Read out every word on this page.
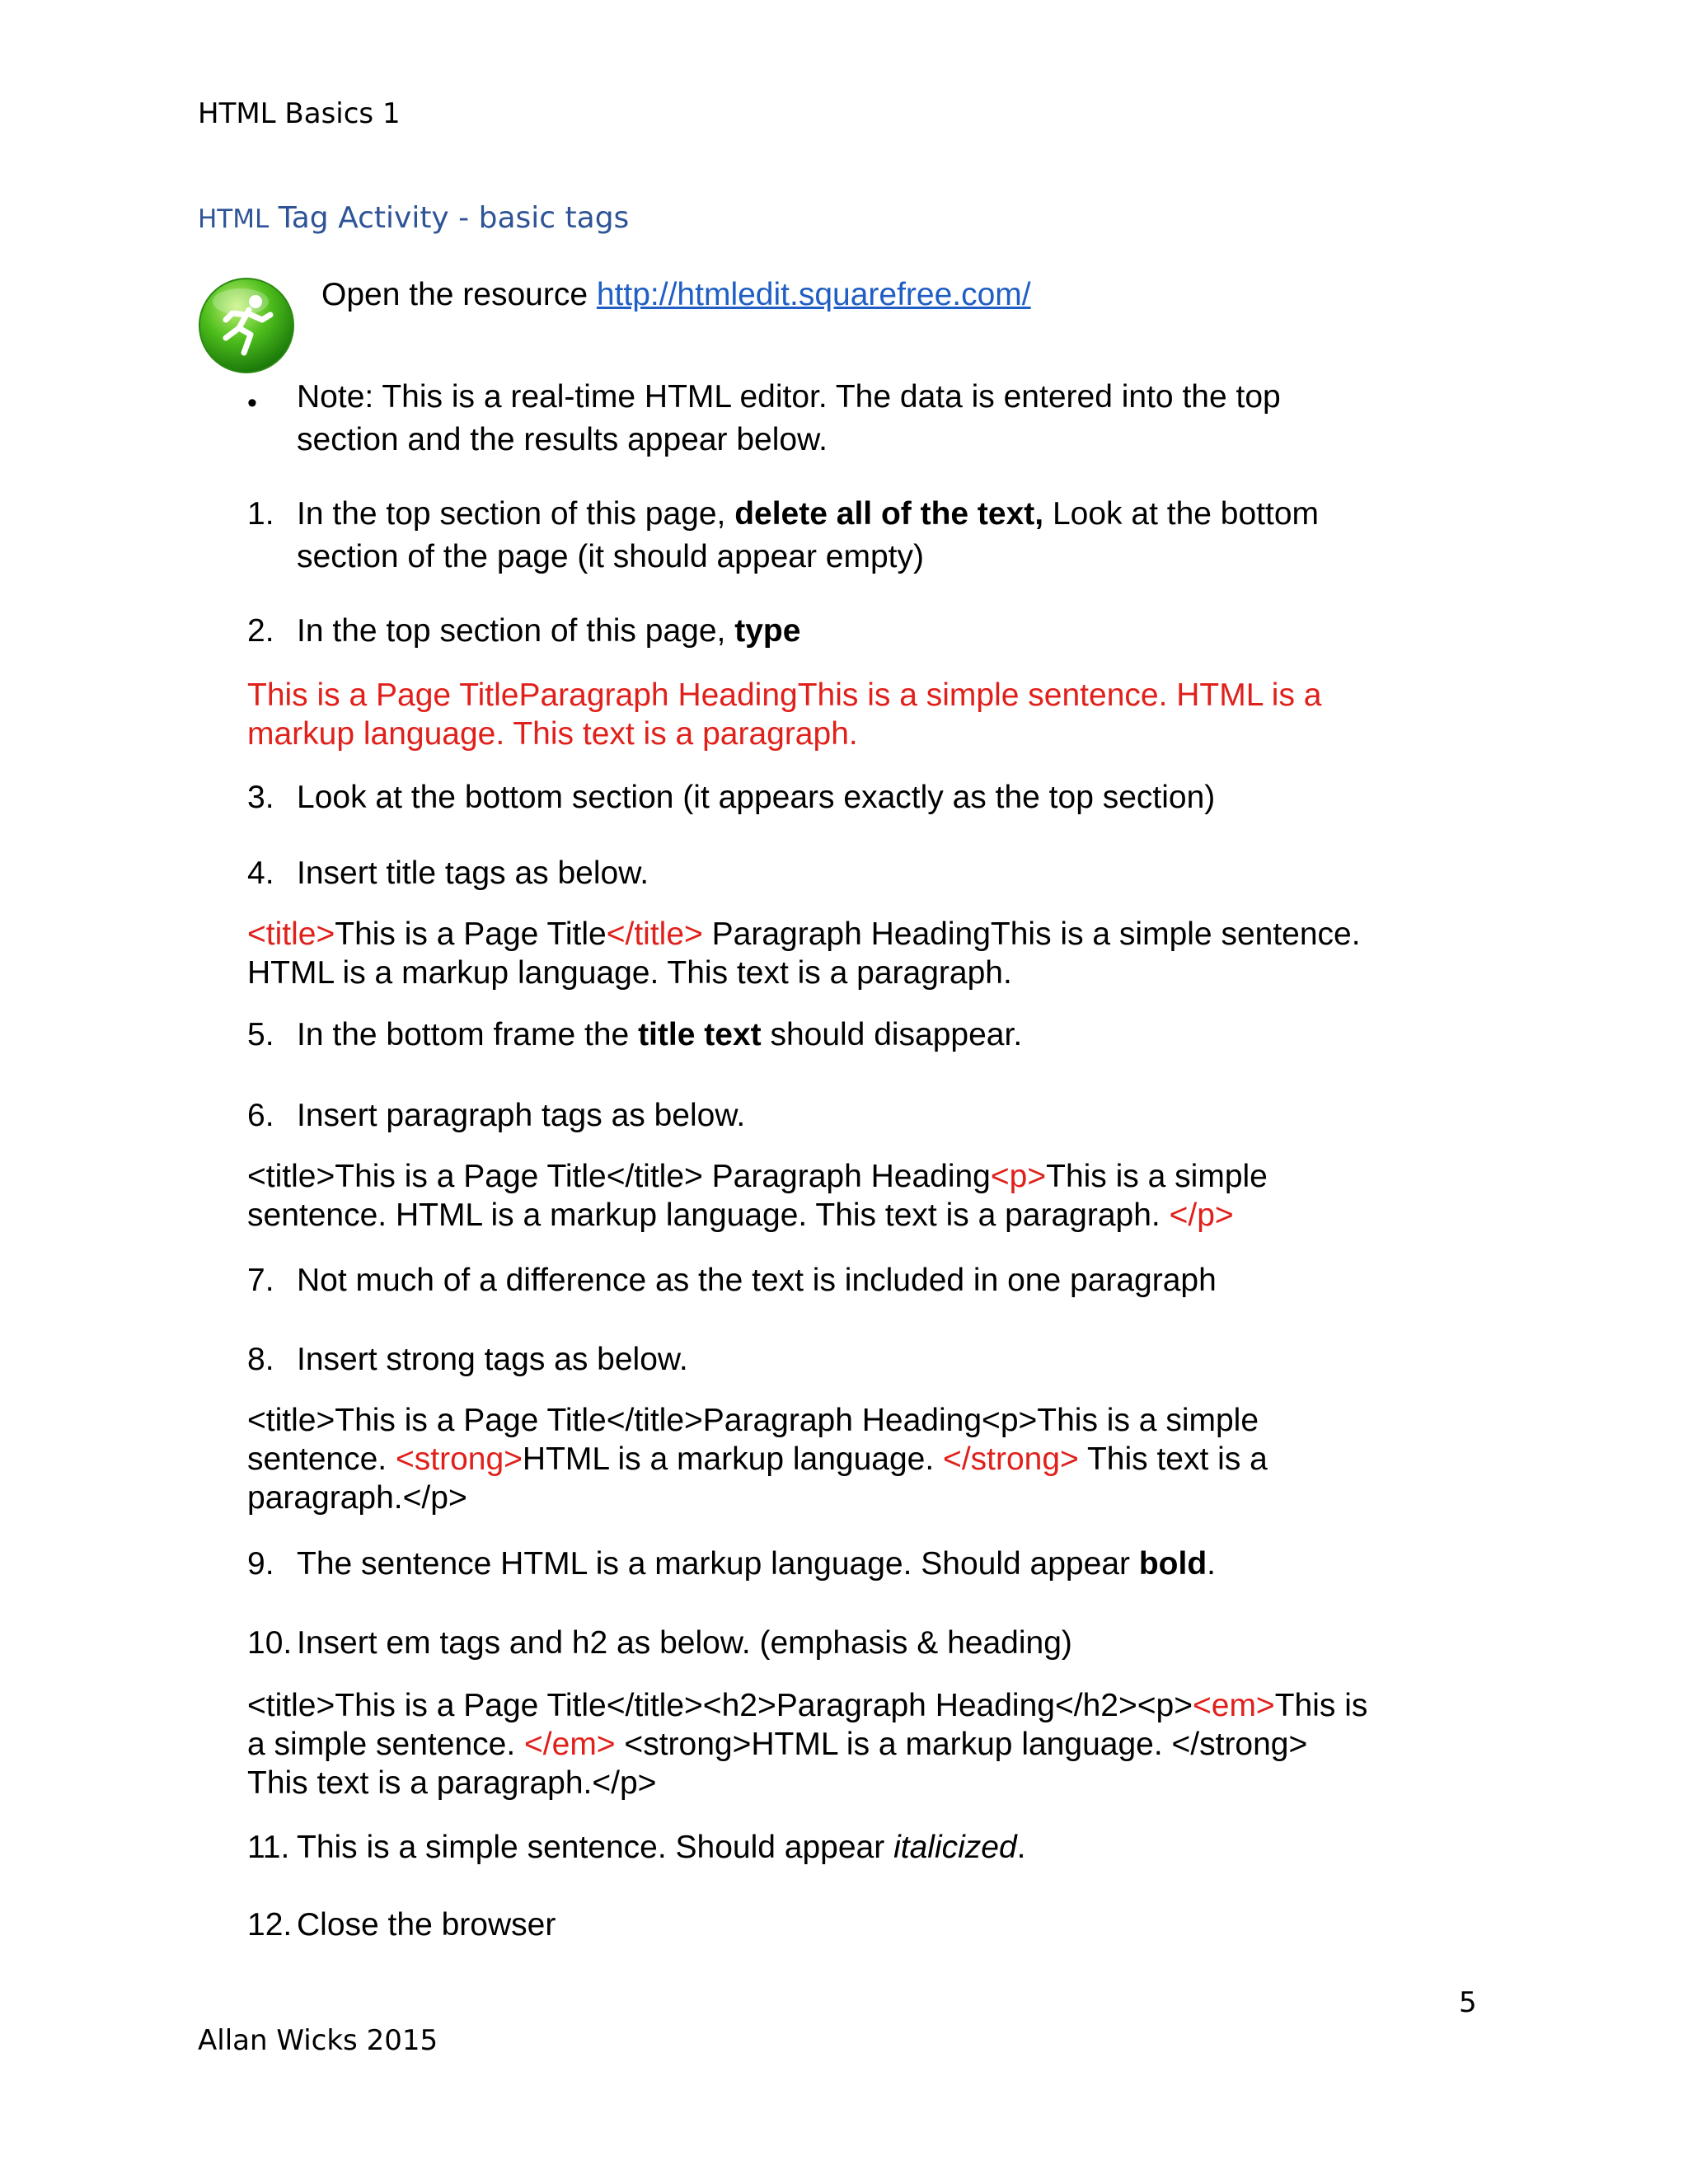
HTML Basics 1
HTML Tag Activity - basic tags
Open the resource http://htmledit.squarefree.com/
• Note: This is a real-time HTML editor. The data is entered into the top
section and the results appear below.
1. In the top section of this page, delete all of the text, Look at the bottom
section of the page (it should appear empty)
2. In the top section of this page, type
This is a Page TitleParagraph HeadingThis is a simple sentence. HTML is a
markup language. This text is a paragraph.
3. Look at the bottom section (it appears exactly as the top section)
4. Insert title tags as below.
<title>This is a Page Title</title> Paragraph HeadingThis is a simple sentence.
HTML is a markup language. This text is a paragraph.
5. In the bottom frame the title text should disappear.
6. Insert paragraph tags as below.
<title>This is a Page Title</title> Paragraph Heading<p>This is a simple
sentence. HTML is a markup language. This text is a paragraph. </p>
7. Not much of a difference as the text is included in one paragraph
8. Insert strong tags as below.
<title>This is a Page Title</title>Paragraph Heading<p>This is a simple
sentence. <strong>HTML is a markup language. </strong> This text is a
paragraph.</p>
9. The sentence HTML is a markup language. Should appear bold.
10. Insert em tags and h2 as below. (emphasis & heading)
<title>This is a Page Title</title><h2>Paragraph Heading</h2><p><em>This is
a simple sentence. </em> <strong>HTML is a markup language. </strong>
This text is a paragraph.</p>
11. This is a simple sentence. Should appear italicized.
12. Close the browser
5
Allan Wicks 2015
